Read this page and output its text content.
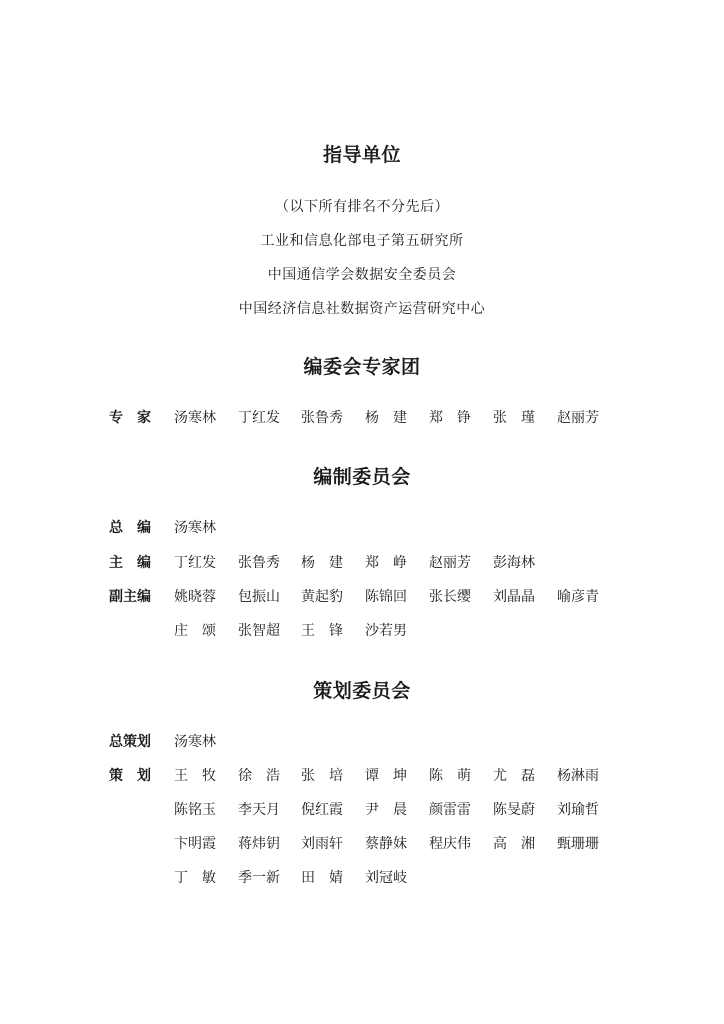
指导单位
（以下所有排名不分先后）
工业和信息化部电子第五研究所
中国通信学会数据安全委员会
中国经济信息社数据资产运营研究中心
编委会专家团
专　家	汤寒林	丁红发	张鲁秀	杨　建	郑　铮	张　瑾	赵丽芳
编制委员会
总　编	汤寒林
主　编	丁红发	张鲁秀	杨　建	郑　峥	赵丽芳	彭海林
副主编	姚晓蓉	包振山	黄起豹	陈锦回	张长缨	刘晶晶	喻彦青
庄　颂	张智超	王　锋	沙若男
策划委员会
总策划	汤寒林
策　划	王　牧	徐　浩	张　培	谭　坤	陈　萌	尤　磊	杨淋雨
陈铭玉	李天月	倪红霞	尹　晨	颜雷雷	陈旻蔚	刘瑜哲
卞明霞	蒋炜钥	刘雨轩	蔡静妹	程庆伟	高　湘	甄珊珊
丁　敏	季一新	田　婧	刘冠岐
